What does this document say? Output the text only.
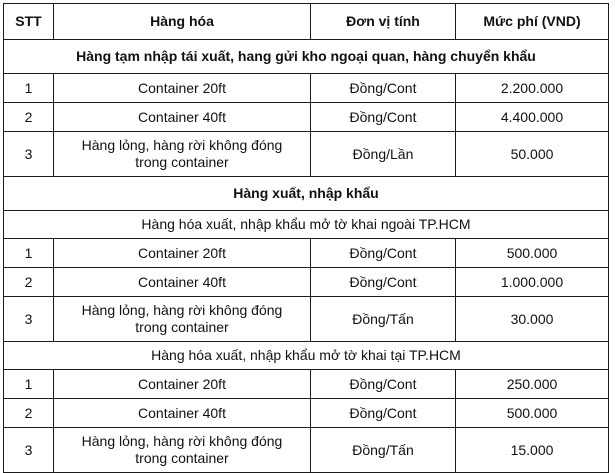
STT	Hàng hóa	Đơn vị tính	Mức phí (VND)
Hàng tạm nhập tái xuất, hang gửi kho ngoại quan, hàng chuyển khẩu			
1	Container 20ft	Đồng/Cont	2.200.000
2	Container 40ft	Đồng/Cont	4.400.000
3	Hàng lỏng, hàng rời không đóng
trong container	Đồng/Lần	50.000
Hàng xuất, nhập khẩu			
Hàng hóa xuất, nhập khẩu mở tờ khai ngoài TP.HCM			
1	Container 20ft	Đồng/Cont	500.000
2	Container 40ft	Đồng/Cont	1.000.000
3	Hàng lỏng, hàng rời không đóng
trong container	Đồng/Tấn	30.000
Hàng hóa xuất, nhập khẩu mở tờ khai tại TP.HCM			
1	Container 20ft	Đồng/Cont	250.000
2	Container 40ft	Đồng/Cont	500.000
3	Hàng lỏng, hàng rời không đóng
trong container	Đồng/Tấn	15.000
